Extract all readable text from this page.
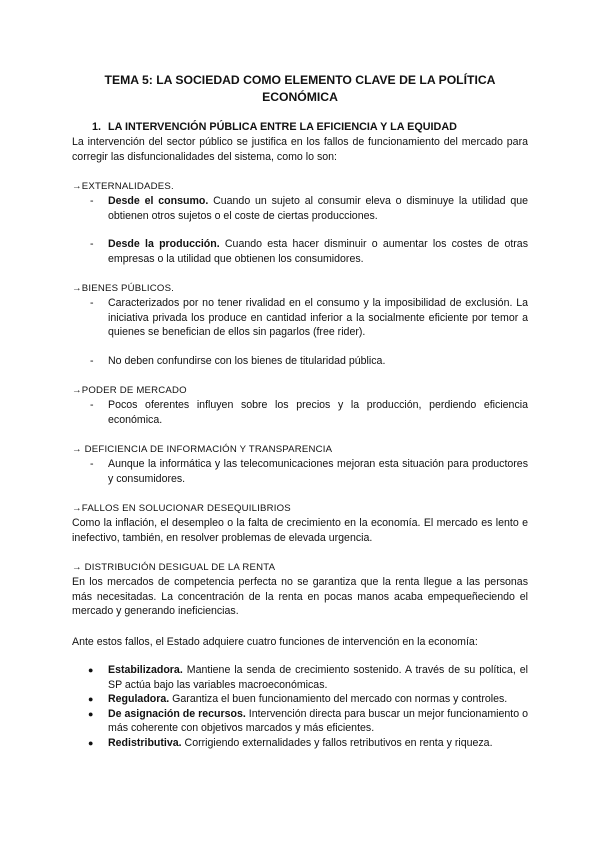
TEMA 5: LA SOCIEDAD COMO ELEMENTO CLAVE DE LA POLÍTICA
ECONÓMICA
1. LA INTERVENCIÓN PÚBLICA ENTRE LA EFICIENCIA Y LA EQUIDAD

La intervención del sector público se justifica en los fallos de funcionamiento del mercado para corregir las disfuncionalidades del sistema, como lo son:

→EXTERNALIDADES.
- Desde el consumo. Cuando un sujeto al consumir eleva o disminuye la utilidad que obtienen otros sujetos o el coste de ciertas producciones.
- Desde la producción. Cuando esta hacer disminuir o aumentar los costes de otras empresas o la utilidad que obtienen los consumidores.
→BIENES PÚBLICOS.
- Caracterizados por no tener rivalidad en el consumo y la imposibilidad de exclusión. La iniciativa privada los produce en cantidad inferior a la socialmente eficiente por temor a quienes se benefician de ellos sin pagarlos (free rider).
- No deben confundirse con los bienes de titularidad pública.
→PODER DE MERCADO
- Pocos oferentes influyen sobre los precios y la producción, perdiendo eficiencia económica.
→ DEFICIENCIA DE INFORMACIÓN Y TRANSPARENCIA
- Aunque la informática y las telecomunicaciones mejoran esta situación para productores y consumidores.
→FALLOS EN SOLUCIONAR DESEQUILIBRIOS

Como la inflación, el desempleo o la falta de crecimiento en la economía. El mercado es lento e inefectivo, también, en resolver problemas de elevada urgencia.

→ DISTRIBUCIÓN DESIGUAL DE LA RENTA

En los mercados de competencia perfecta no se garantiza que la renta llegue a las personas más necesitadas. La concentración de la renta en pocas manos acaba empequeñeciendo el mercado y generando ineficiencias.

Ante estos fallos, el Estado adquiere cuatro funciones de intervención en la economía:

● Estabilizadora. Mantiene la senda de crecimiento sostenido. A través de su política, el SP actúa bajo las variables macroeconómicas.
● Reguladora. Garantiza el buen funcionamiento del mercado con normas y controles.
● De asignación de recursos. Intervención directa para buscar un mejor funcionamiento o más coherente con objetivos marcados y más eficientes.
● Redistributiva. Corrigiendo externalidades y fallos retributivos en renta y riqueza.
